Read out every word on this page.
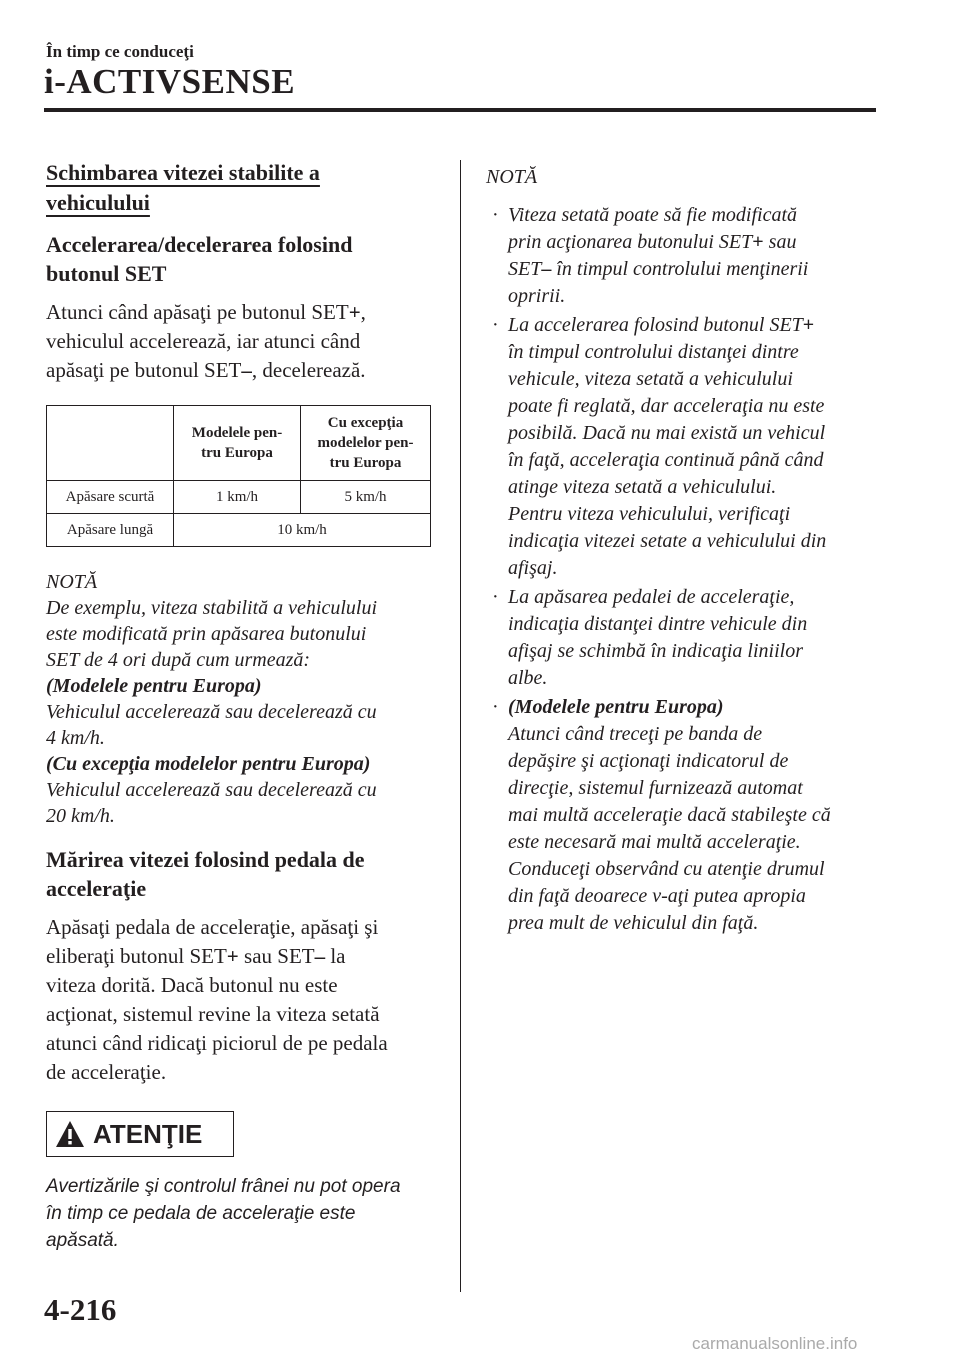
În timp ce conduceţi
i-ACTIVSENSE
Schimbarea vitezei stabilite a
vehiculului
Accelerarea/decelerarea folosind
butonul SET
Atunci când apăsaţi pe butonul SET+,
vehiculul accelerează, iar atunci când
apăsaţi pe butonul SET–, decelerează.
	Modelele pen-
tru Europa	Cu excepţia
modelelor pen-
tru Europa
Apăsare scurtă	1 km/h	5 km/h
Apăsare lungă	10 km/h	
NOTĂ
De exemplu, viteza stabilită a vehiculului
este modificată prin apăsarea butonului
SET de 4 ori după cum urmează:
(Modelele pentru Europa)
Vehiculul accelerează sau decelerează cu
4 km/h.
(Cu excepţia modelelor pentru Europa)
Vehiculul accelerează sau decelerează cu
20 km/h.
Mărirea vitezei folosind pedala de
acceleraţie
Apăsaţi pedala de acceleraţie, apăsaţi şi
eliberaţi butonul SET+ sau SET– la
viteza dorită. Dacă butonul nu este
acţionat, sistemul revine la viteza setată
atunci când ridicaţi piciorul de pe pedala
de acceleraţie.
ATENŢIE
Avertizările şi controlul frânei nu pot opera
în timp ce pedala de acceleraţie este
apăsată.
NOTĂ
· Viteza setată poate să fie modificată
prin acţionarea butonului SET+ sau
SET– în timpul controlului menţinerii
opririi.
· La accelerarea folosind butonul SET+
în timpul controlului distanţei dintre
vehicule, viteza setată a vehiculului
poate fi reglată, dar acceleraţia nu este
posibilă. Dacă nu mai există un vehicul
în faţă, acceleraţia continuă până când
atinge viteza setată a vehiculului.
Pentru viteza vehiculului, verificaţi
indicaţia vitezei setate a vehiculului din
afişaj.
· La apăsarea pedalei de acceleraţie,
indicaţia distanţei dintre vehicule din
afişaj se schimbă în indicaţia liniilor
albe.
· (Modelele pentru Europa)
Atunci când treceţi pe banda de
depăşire şi acţionaţi indicatorul de
direcţie, sistemul furnizează automat
mai multă acceleraţie dacă stabileşte că
este necesară mai multă acceleraţie.
Conduceţi observând cu atenţie drumul
din faţă deoarece v-aţi putea apropia
prea mult de vehiculul din faţă.
4-216
carmanualsonline.info
